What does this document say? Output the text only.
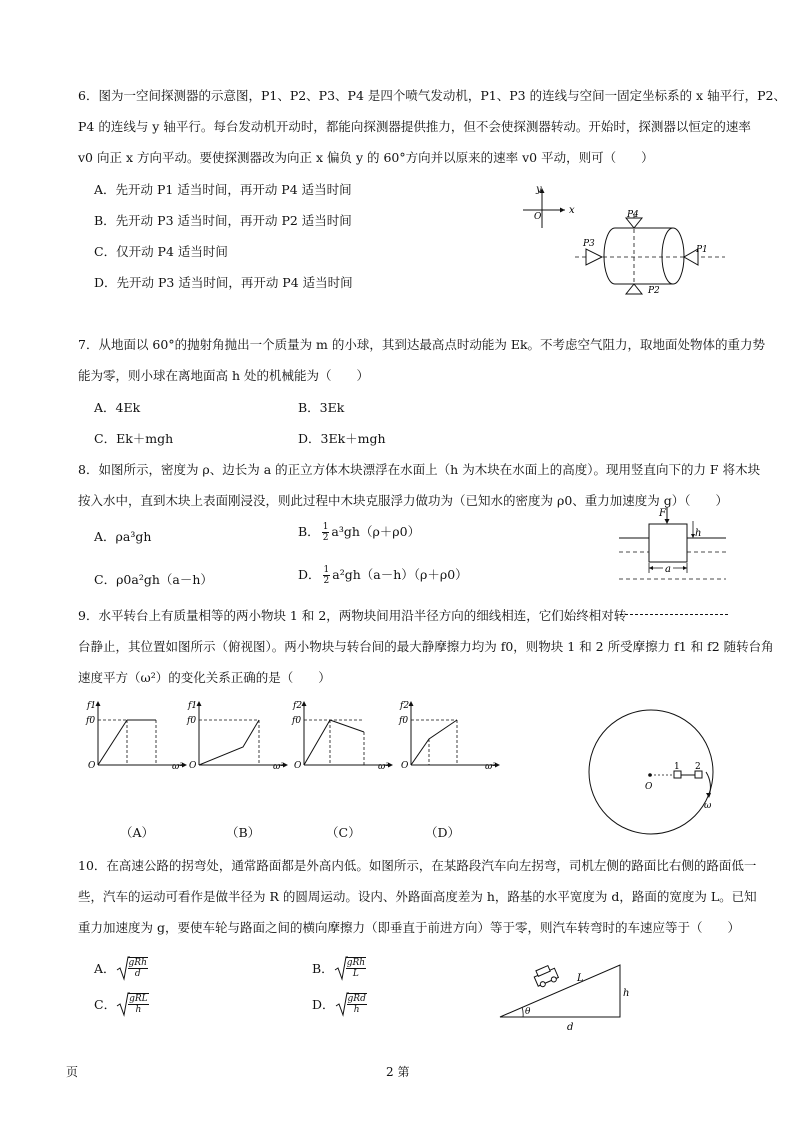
6．图为一空间探测器的示意图，P1、P2、P3、P4 是四个喷气发动机，P1、P3 的连线与空间一固定坐标系的 x 轴平行，P2、
P4 的连线与 y 轴平行。每台发动机开动时，都能向探测器提供推力，但不会使探测器转动。开始时，探测器以恒定的速率
v0 向正 x 方向平动。要使探测器改为向正 x 偏负 y 的 60°方向并以原来的速率 v0 平动，则可（　　）
A．先开动 P1 适当时间，再开动 P4 适当时间
B．先开动 P3 适当时间，再开动 P2 适当时间
C．仅开动 P4 适当时间
D．先开动 P3 适当时间，再开动 P4 适当时间
x
y
O	P4
P2
P3
P1
7．从地面以 60°的抛射角抛出一个质量为 m 的小球，其到达最高点时动能为 Ek。不考虑空气阻力，取地面处物体的重力势
能为零，则小球在离地面高 h 处的机械能为（　　）
A．4Ek	B．3Ek
C．Ek＋mgh	D．3Ek＋mgh
8．如图所示，密度为 ρ、边长为 a 的正立方体木块漂浮在水面上（h 为木块在水面上的高度）。现用竖直向下的力 F 将木块
按入水中，直到木块上表面刚浸没，则此过程中木块克服浮力做功为（已知水的密度为 ρ0、重力加速度为 g）（　　）
A．ρa³gh	B． $\frac{1}{2} a^3gh(\rho+\rho 0)$
C．ρ0a²gh（a－h）	D． $\frac{1}{2} a^2gh(a-h)(\rho+\rho 0)$
F
h
a
9．水平转台上有质量相等的两小物块 1 和 2，两物块间用沿半径方向的细线相连，它们始终相对转
台静止，其位置如图所示（俯视图）。两小物块与转台间的最大静摩擦力均为 f0，则物块 1 和 2 所受摩擦力 f1 和 f2 随转台角
速度平方（ω²）的变化关系正确的是（　　）
f1
f0
O	ω²
f1
f0
O	ω²
f2
f0
O	ω²
f2
f0
O	ω²
（A）	（B）	（C）	（D）
O
1 2
ω
10．在高速公路的拐弯处，通常路面都是外高内低。如图所示，在某路段汽车向左拐弯，司机左侧的路面比右侧的路面低一
些，汽车的运动可看作是做半径为 R 的圆周运动。设内、外路面高度差为 h，路基的水平宽度为 d，路面的宽度为 L。已知
重力加速度为 g，要使车轮与路面之间的横向摩擦力（即垂直于前进方向）等于零，则汽车转弯时的车速应等于（　　）
A． $\frac{\text{gRh}}{d}$	B． $\frac{\text{gRh}}{L}$
C． $\frac{\text{gRL}}{h}$	D． $\frac{\text{gRd}}{h}$	θ
L
h
d
页	2 第
